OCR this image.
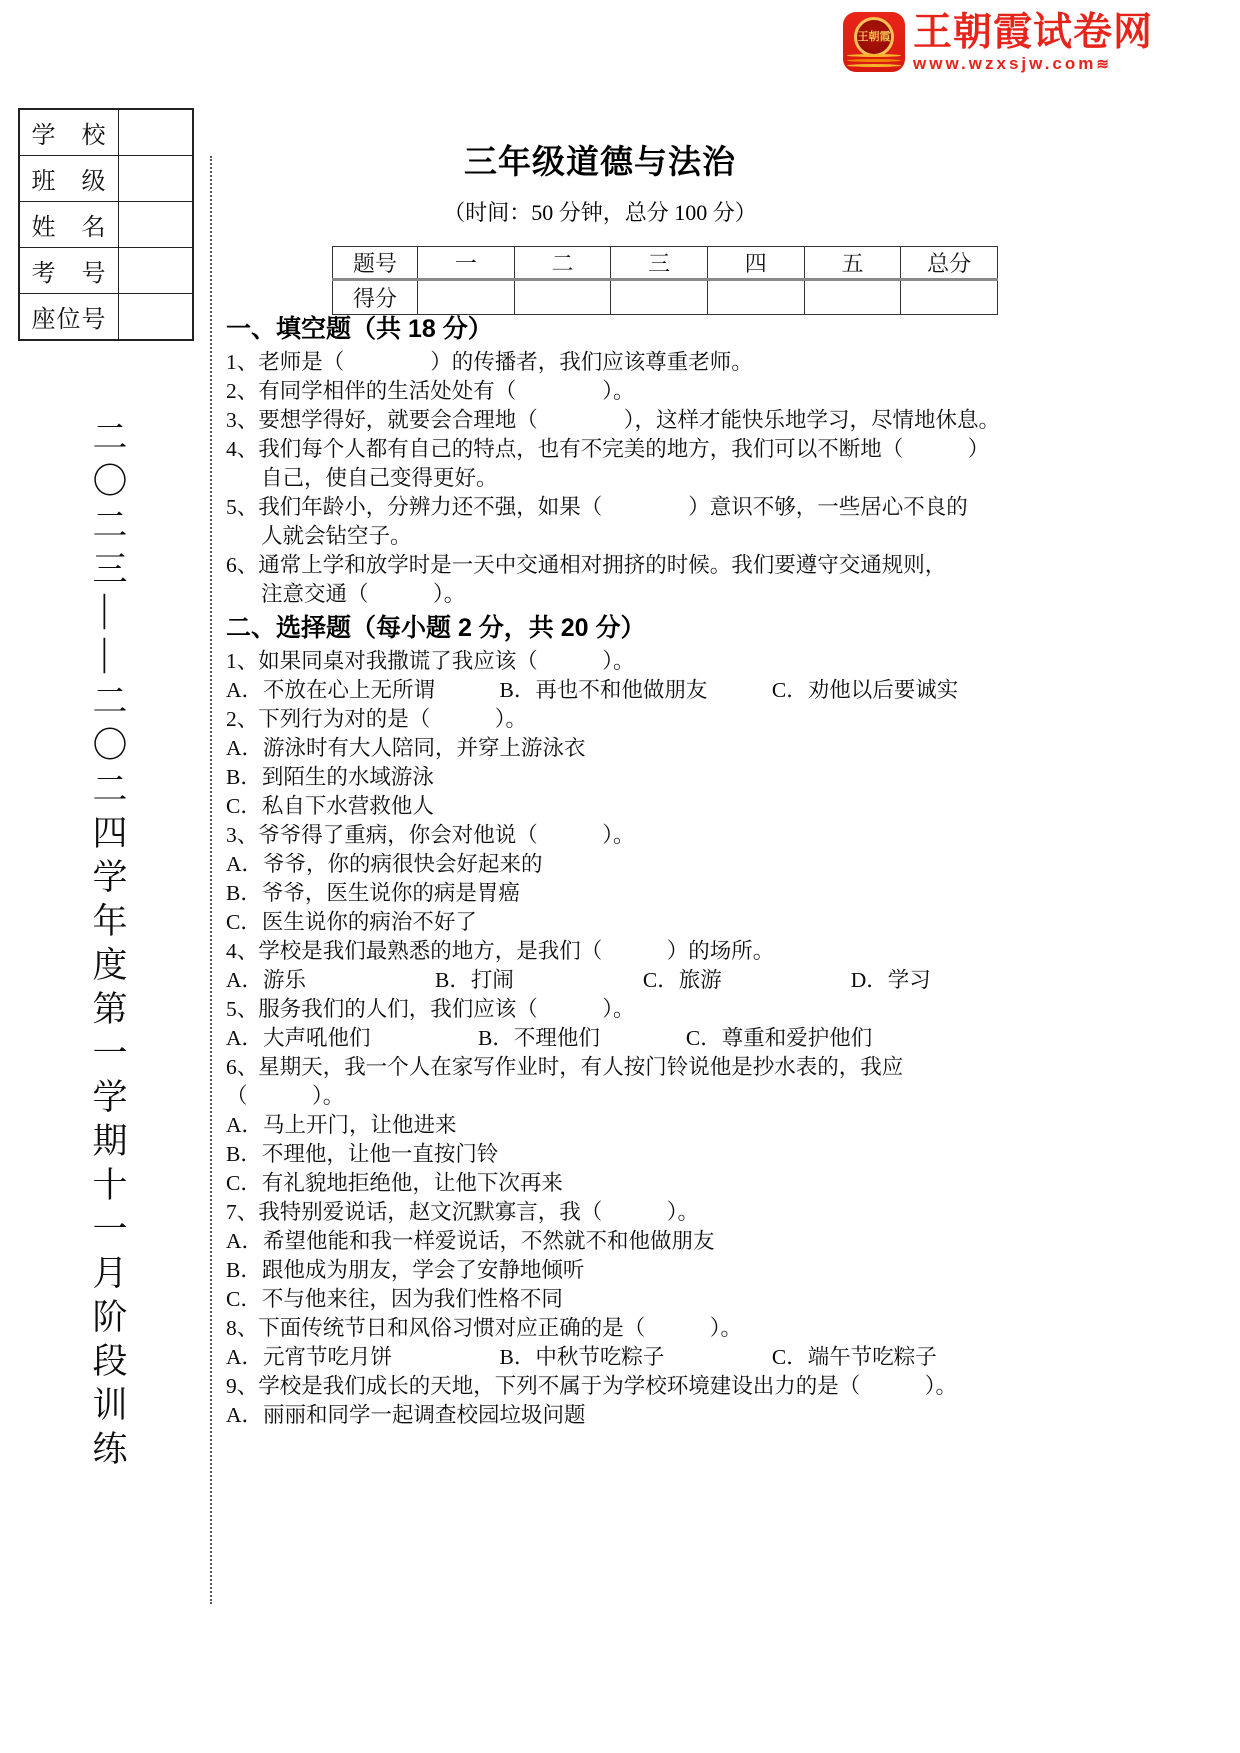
王朝霞 王朝霞试卷网
www.wzxsjw.com≋
学　校	
班　级	
姓　名	
考　号	
座位号	
二〇二三——二〇二四学年度第一学期十一月阶段训练
三年级道德与法治
（时间：50 分钟，总分 100 分）
题号	一	二	三	四	五	总分
得分						
一、填空题（共 18 分）
1、老师是（　　　　）的传播者，我们应该尊重老师。
2、有同学相伴的生活处处有（　　　　）。
3、要想学得好，就要会合理地（　　　　），这样才能快乐地学习，尽情地休息。
4、我们每个人都有自己的特点，也有不完美的地方，我们可以不断地（　　　）
自己，使自己变得更好。
5、我们年龄小，分辨力还不强，如果（　　　　）意识不够，一些居心不良的
人就会钻空子。
6、通常上学和放学时是一天中交通相对拥挤的时候。我们要遵守交通规则，
注意交通（　　　）。
二、选择题（每小题 2 分，共 20 分）
1、如果同桌对我撒谎了我应该（　　　）。
A．不放在心上无所谓　　　B．再也不和他做朋友　　　C．劝他以后要诚实
2、下列行为对的是（　　　）。
A．游泳时有大人陪同，并穿上游泳衣
B．到陌生的水域游泳
C．私自下水营救他人
3、爷爷得了重病，你会对他说（　　　）。
A．爷爷，你的病很快会好起来的
B．爷爷，医生说你的病是胃癌
C．医生说你的病治不好了
4、学校是我们最熟悉的地方，是我们（　　　）的场所。
A．游乐　　　　　　B．打闹　　　　　　C．旅游　　　　　　D．学习
5、服务我们的人们，我们应该（　　　）。
A．大声吼他们　　　　　B．不理他们　　　　C．尊重和爱护他们
6、星期天，我一个人在家写作业时，有人按门铃说他是抄水表的，我应
（　　　）。
A．马上开门，让他进来
B．不理他，让他一直按门铃
C．有礼貌地拒绝他，让他下次再来
7、我特别爱说话，赵文沉默寡言，我（　　　）。
A．希望他能和我一样爱说话，不然就不和他做朋友
B．跟他成为朋友，学会了安静地倾听
C．不与他来往，因为我们性格不同
8、下面传统节日和风俗习惯对应正确的是（　　　）。
A．元宵节吃月饼　　　　　B．中秋节吃粽子　　　　　C．端午节吃粽子
9、学校是我们成长的天地，下列不属于为学校环境建设出力的是（　　　）。
A．丽丽和同学一起调查校园垃圾问题
